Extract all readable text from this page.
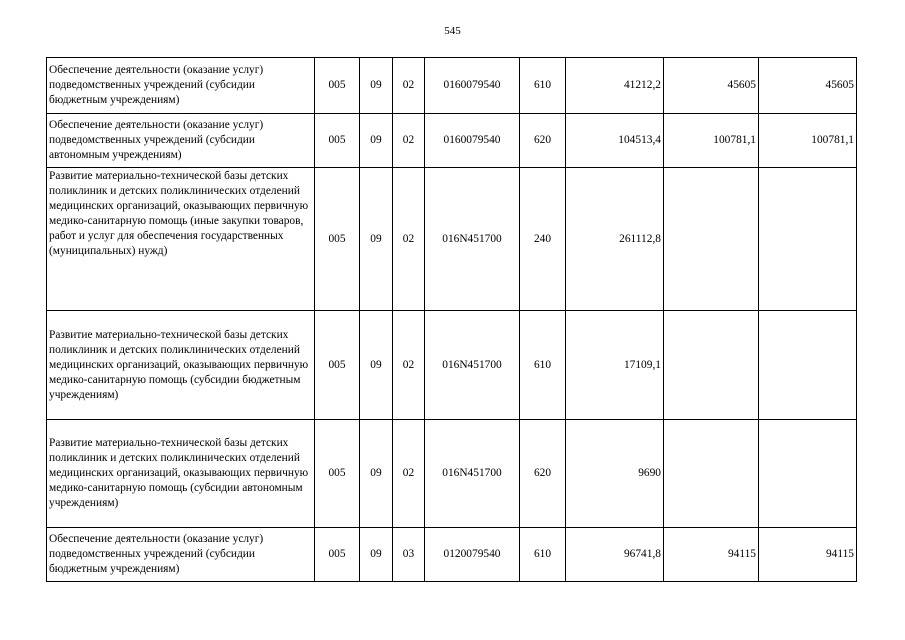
545
Обеспечение деятельности (оказание услуг) подведомственных учреждений (субсидии бюджетным учреждениям)	005	09	02	0160079540	610	41212,2	45605	45605
Обеспечение деятельности (оказание услуг) подведомственных учреждений (субсидии автономным учреждениям)	005	09	02	0160079540	620	104513,4	100781,1	100781,1
Развитие материально-технической базы детских поликлиник и детских поликлинических отделений медицинских организаций, оказывающих первичную медико-санитарную помощь (иные закупки товаров, работ и услуг для обеспечения государственных (муниципальных) нужд)	005	09	02	016N451700	240	261112,8		
Развитие материально-технической базы детских поликлиник и детских поликлинических отделений медицинских организаций, оказывающих первичную медико-санитарную помощь (субсидии бюджетным учреждениям)	005	09	02	016N451700	610	17109,1		
Развитие материально-технической базы детских поликлиник и детских поликлинических отделений медицинских организаций, оказывающих первичную медико-санитарную помощь (субсидии автономным учреждениям)	005	09	02	016N451700	620	9690		
Обеспечение деятельности (оказание услуг) подведомственных учреждений (субсидии бюджетным учреждениям)	005	09	03	0120079540	610	96741,8	94115	94115
